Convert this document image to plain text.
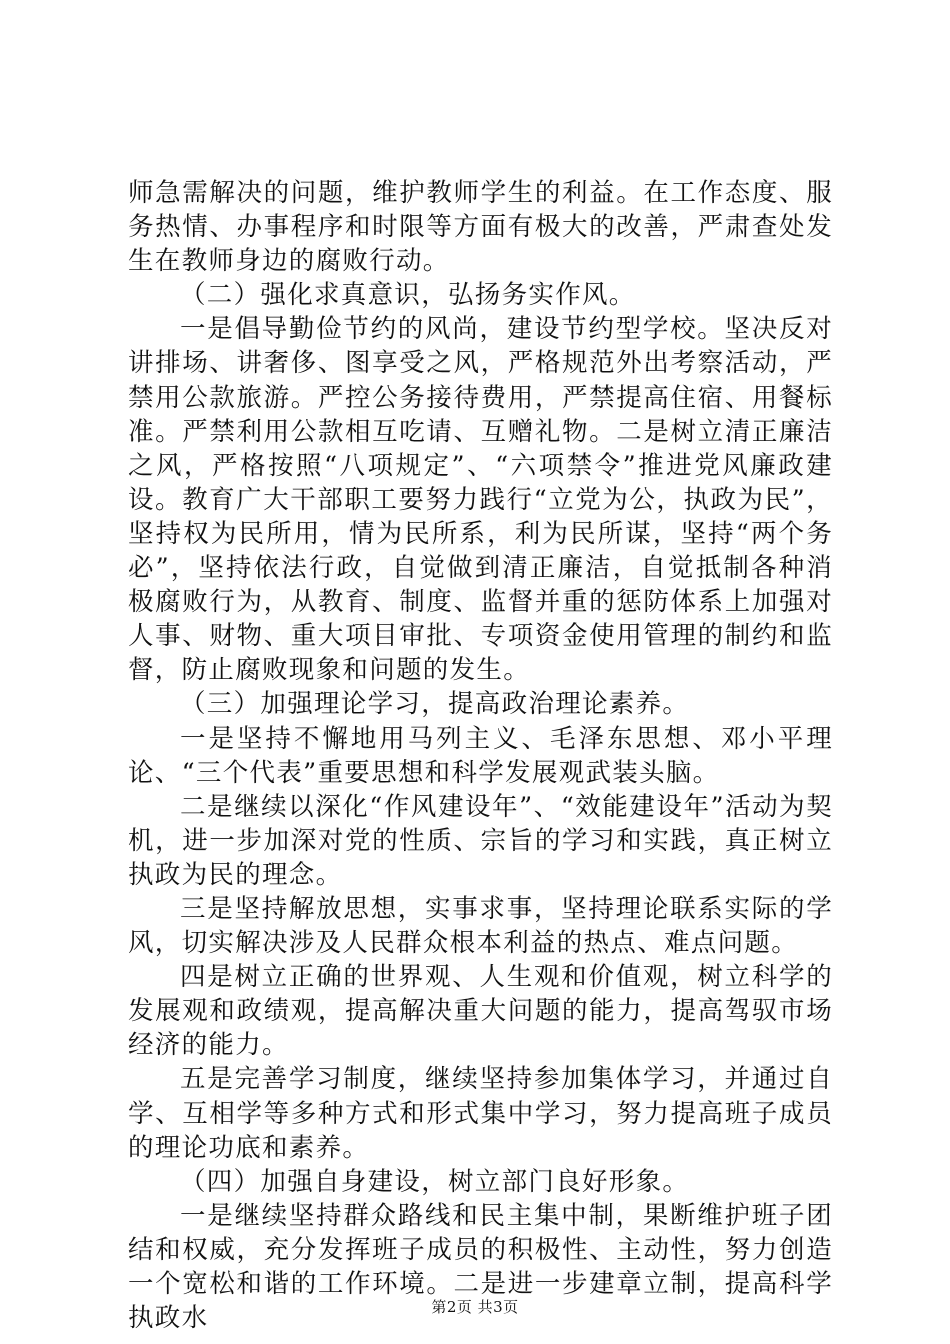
师急需解决的问题，维护教师学生的利益。在工作态度、服务热情、办事程序和时限等方面有极大的改善，严肃查处发生在教师身边的腐败行动。

（二）强化求真意识，弘扬务实作风。

一是倡导勤俭节约的风尚，建设节约型学校。坚决反对讲排场、讲奢侈、图享受之风，严格规范外出考察活动，严禁用公款旅游。严控公务接待费用，严禁提高住宿、用餐标准。严禁利用公款相互吃请、互赠礼物。二是树立清正廉洁之风，严格按照“八项规定”、“六项禁令”推进党风廉政建设。教育广大干部职工要努力践行“立党为公，执政为民”，坚持权为民所用，情为民所系，利为民所谋，坚持“两个务必”，坚持依法行政，自觉做到清正廉洁，自觉抵制各种消极腐败行为，从教育、制度、监督并重的惩防体系上加强对人事、财物、重大项目审批、专项资金使用管理的制约和监督，防止腐败现象和问题的发生。

（三）加强理论学习，提高政治理论素养。

一是坚持不懈地用马列主义、毛泽东思想、邓小平理论、“三个代表”重要思想和科学发展观武装头脑。

二是继续以深化“作风建设年”、“效能建设年”活动为契机，进一步加深对党的性质、宗旨的学习和实践，真正树立执政为民的理念。

三是坚持解放思想，实事求事，坚持理论联系实际的学风，切实解决涉及人民群众根本利益的热点、难点问题。

四是树立正确的世界观、人生观和价值观，树立科学的发展观和政绩观，提高解决重大问题的能力，提高驾驭市场经济的能力。

五是完善学习制度，继续坚持参加集体学习，并通过自学、互相学等多种方式和形式集中学习，努力提高班子成员的理论功底和素养。

（四）加强自身建设，树立部门良好形象。

一是继续坚持群众路线和民主集中制，果断维护班子团结和权威，充分发挥班子成员的积极性、主动性，努力创造一个宽松和谐的工作环境。二是进一步建章立制，提高科学执政水	第2页 共3页
